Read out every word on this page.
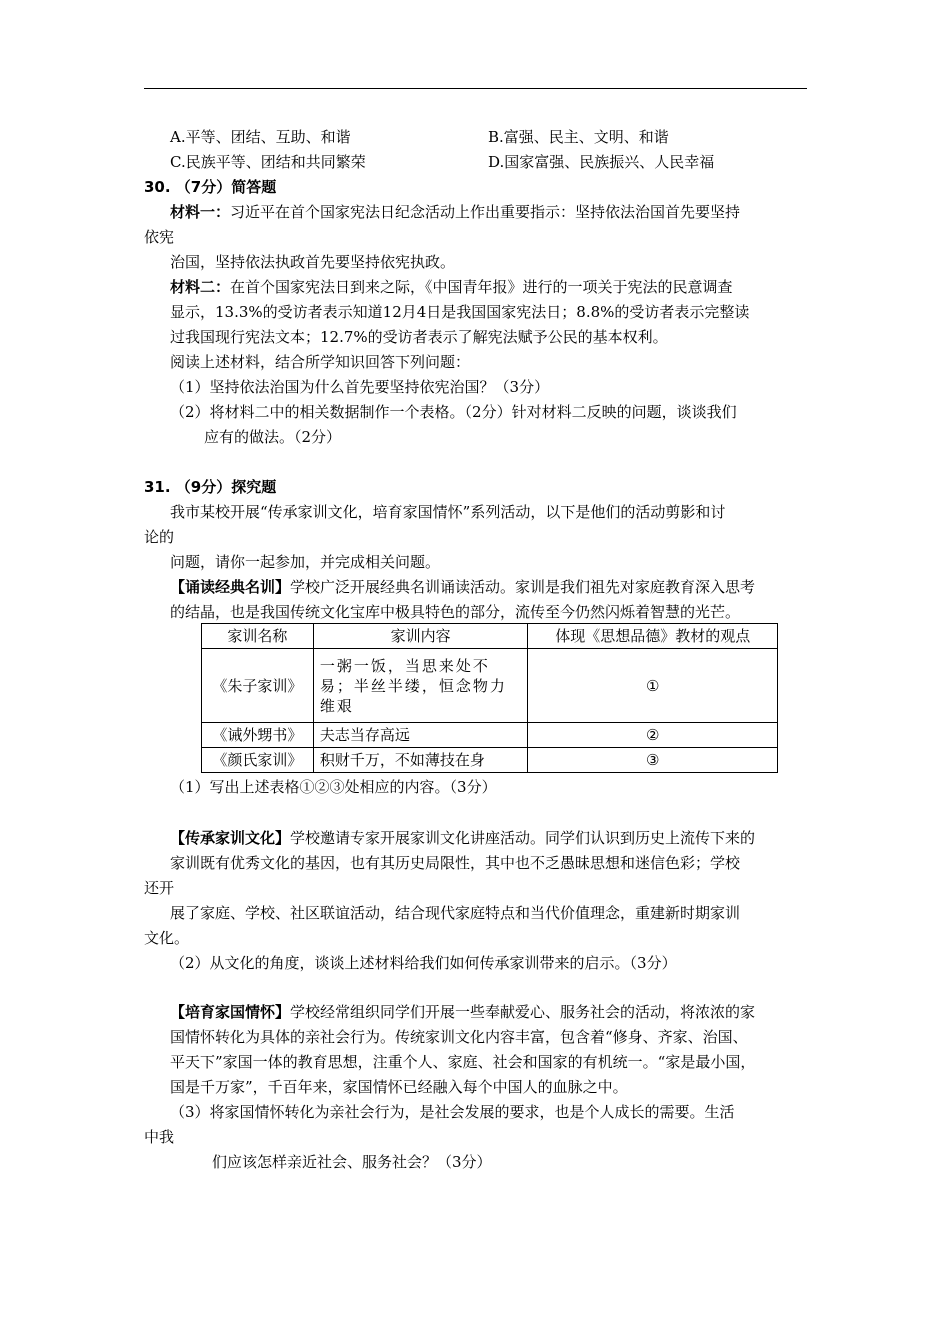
A.平等、团结、互助、和谐	B.富强、民主、文明、和谐
C.民族平等、团结和共同繁荣	D.国家富强、民族振兴、人民幸福
30. （7分）简答题
材料一：习近平在首个国家宪法日纪念活动上作出重要指示：坚持依法治国首先要坚持
依宪
治国，坚持依法执政首先要坚持依宪执政。
材料二：在首个国家宪法日到来之际，《中国青年报》进行的一项关于宪法的民意调查
显示，13.3%的受访者表示知道12月4日是我国国家宪法日；8.8%的受访者表示完整读
过我国现行宪法文本；12.7%的受访者表示了解宪法赋予公民的基本权利。
阅读上述材料，结合所学知识回答下列问题：
（1）坚持依法治国为什么首先要坚持依宪治国？（3分）
（2）将材料二中的相关数据制作一个表格。（2分）针对材料二反映的问题，谈谈我们
应有的做法。（2分）
31. （9分）探究题
我市某校开展“传承家训文化，培育家国情怀”系列活动，以下是他们的活动剪影和讨
论的
问题，请你一起参加，并完成相关问题。
【诵读经典名训】学校广泛开展经典名训诵读活动。家训是我们祖先对家庭教育深入思考
的结晶，也是我国传统文化宝库中极具特色的部分，流传至今仍然闪烁着智慧的光芒。
家训名称	家训内容	体现《思想品德》教材的观点
《朱子家训》	一粥一饭，当思来处不易；半丝半缕，恒念物力维艰	①
《诫外甥书》	夫志当存高远	②
《颜氏家训》	积财千万，不如薄技在身	③
（1）写出上述表格①②③处相应的内容。（3分）
【传承家训文化】学校邀请专家开展家训文化讲座活动。同学们认识到历史上流传下来的
家训既有优秀文化的基因，也有其历史局限性，其中也不乏愚昧思想和迷信色彩；学校
还开
展了家庭、学校、社区联谊活动，结合现代家庭特点和当代价值理念，重建新时期家训
文化。
（2）从文化的角度，谈谈上述材料给我们如何传承家训带来的启示。（3分）
【培育家国情怀】学校经常组织同学们开展一些奉献爱心、服务社会的活动，将浓浓的家
国情怀转化为具体的亲社会行为。传统家训文化内容丰富，包含着“修身、齐家、治国、
平天下”家国一体的教育思想，注重个人、家庭、社会和国家的有机统一。“家是最小国，
国是千万家”，千百年来，家国情怀已经融入每个中国人的血脉之中。
（3）将家国情怀转化为亲社会行为，是社会发展的要求，也是个人成长的需要。生活
中我
们应该怎样亲近社会、服务社会？（3分）
